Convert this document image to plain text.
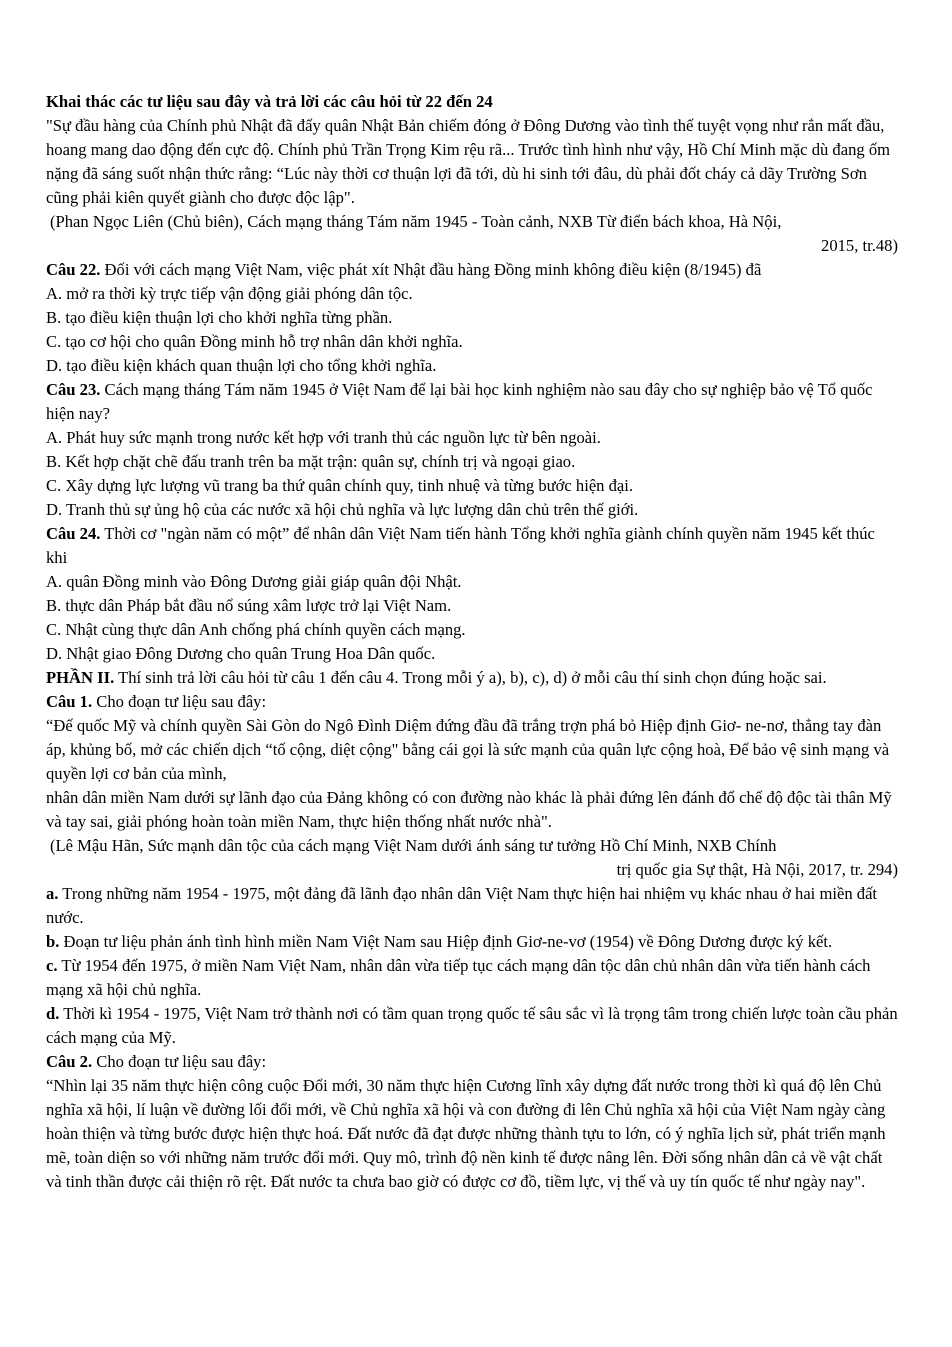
Khai thác các tư liệu sau đây và trả lời các câu hỏi từ 22 đến 24

"Sự đầu hàng của Chính phủ Nhật đã đẩy quân Nhật Bản chiếm đóng ở Đông Dương vào tình thế tuyệt vọng như rắn mất đầu, hoang mang dao động đến cực độ. Chính phủ Trần Trọng Kim rệu rã... Trước tình hình như vậy, Hồ Chí Minh mặc dù đang ốm nặng đã sáng suốt nhận thức rằng: “Lúc này thời cơ thuận lợi đã tới, dù hi sinh tới đâu, dù phải đốt cháy cả dãy Trường Sơn cũng phải kiên quyết giành cho được độc lập".

(Phan Ngọc Liên (Chủ biên), Cách mạng tháng Tám năm 1945 - Toàn cảnh, NXB Từ điển bách khoa, Hà Nội,

2015, tr.48)

Câu 22. Đối với cách mạng Việt Nam, việc phát xít Nhật đầu hàng Đồng minh không điều kiện (8/1945) đã

A. mở ra thời kỳ trực tiếp vận động giải phóng dân tộc.

B. tạo điều kiện thuận lợi cho khởi nghĩa từng phần.

C. tạo cơ hội cho quân Đồng minh hỗ trợ nhân dân khởi nghĩa.

D. tạo điều kiện khách quan thuận lợi cho tổng khởi nghĩa.

Câu 23. Cách mạng tháng Tám năm 1945 ở Việt Nam để lại bài học kinh nghiệm nào sau đây cho sự nghiệp bảo vệ Tổ quốc hiện nay?

A. Phát huy sức mạnh trong nước kết hợp với tranh thủ các nguồn lực từ bên ngoài.

B. Kết hợp chặt chẽ đấu tranh trên ba mặt trận: quân sự, chính trị và ngoại giao.

C. Xây dựng lực lượng vũ trang ba thứ quân chính quy, tinh nhuệ và từng bước hiện đại.

D. Tranh thủ sự ủng hộ của các nước xã hội chủ nghĩa và lực lượng dân chủ trên thế giới.

Câu 24. Thời cơ "ngàn năm có một” để nhân dân Việt Nam tiến hành Tổng khởi nghĩa giành chính quyền năm 1945 kết thúc khi

A. quân Đồng minh vào Đông Dương giải giáp quân đội Nhật.

B. thực dân Pháp bắt đầu nổ súng xâm lược trở lại Việt Nam.

C. Nhật cùng thực dân Anh chống phá chính quyền cách mạng.

D. Nhật giao Đông Dương cho quân Trung Hoa Dân quốc.

PHẦN II. Thí sinh trả lời câu hỏi từ câu 1 đến câu 4. Trong mỗi ý a), b), c), d) ở mỗi câu thí sinh chọn đúng hoặc sai.

Câu 1. Cho đoạn tư liệu sau đây:

“Đế quốc Mỹ và chính quyền Sài Gòn do Ngô Đình Diệm đứng đầu đã trắng trợn phá bỏ Hiệp định Giơ- ne-nơ, thẳng tay đàn áp, khủng bố, mở các chiến dịch “tố cộng, diệt cộng" bằng cái gọi là sức mạnh của quân lực cộng hoà, Để bảo vệ sinh mạng và quyền lợi cơ bản của mình,

nhân dân miền Nam dưới sự lãnh đạo của Đảng không có con đường nào khác là phải đứng lên đánh đổ chế độ độc tài thân Mỹ và tay sai, giải phóng hoàn toàn miền Nam, thực hiện thống nhất nước nhà".

(Lê Mậu Hãn, Sức mạnh dân tộc của cách mạng Việt Nam dưới ánh sáng tư tưởng Hồ Chí Minh, NXB Chính

trị quốc gia Sự thật, Hà Nội, 2017, tr. 294)

a. Trong những năm 1954 - 1975, một đảng đã lãnh đạo nhân dân Việt Nam thực hiện hai nhiệm vụ khác nhau ở hai miền đất nước.

b. Đoạn tư liệu phản ánh tình hình miền Nam Việt Nam sau Hiệp định Giơ-ne-vơ (1954) về Đông Dương được ký kết.

c. Từ 1954 đến 1975, ở miền Nam Việt Nam, nhân dân vừa tiếp tục cách mạng dân tộc dân chủ nhân dân vừa tiến hành cách mạng xã hội chủ nghĩa.

d. Thời kì 1954 - 1975, Việt Nam trở thành nơi có tầm quan trọng quốc tế sâu sắc vì là trọng tâm trong chiến lược toàn cầu phản cách mạng của Mỹ.

Câu 2. Cho đoạn tư liệu sau đây:

“Nhìn lại 35 năm thực hiện công cuộc Đổi mới, 30 năm thực hiện Cương lĩnh xây dựng đất nước trong thời kì quá độ lên Chủ nghĩa xã hội, lí luận về đường lối đổi mới, về Chủ nghĩa xã hội và con đường đi lên Chủ nghĩa xã hội của Việt Nam ngày càng hoàn thiện và từng bước được hiện thực hoá. Đất nước đã đạt được những thành tựu to lớn, có ý nghĩa lịch sử, phát triển mạnh mẽ, toàn diện so với những năm trước đổi mới. Quy mô, trình độ nền kinh tế được nâng lên. Đời sống nhân dân cả về vật chất và tinh thần được cải thiện rõ rệt. Đất nước ta chưa bao giờ có được cơ đồ, tiềm lực, vị thế và uy tín quốc tế như ngày nay".
